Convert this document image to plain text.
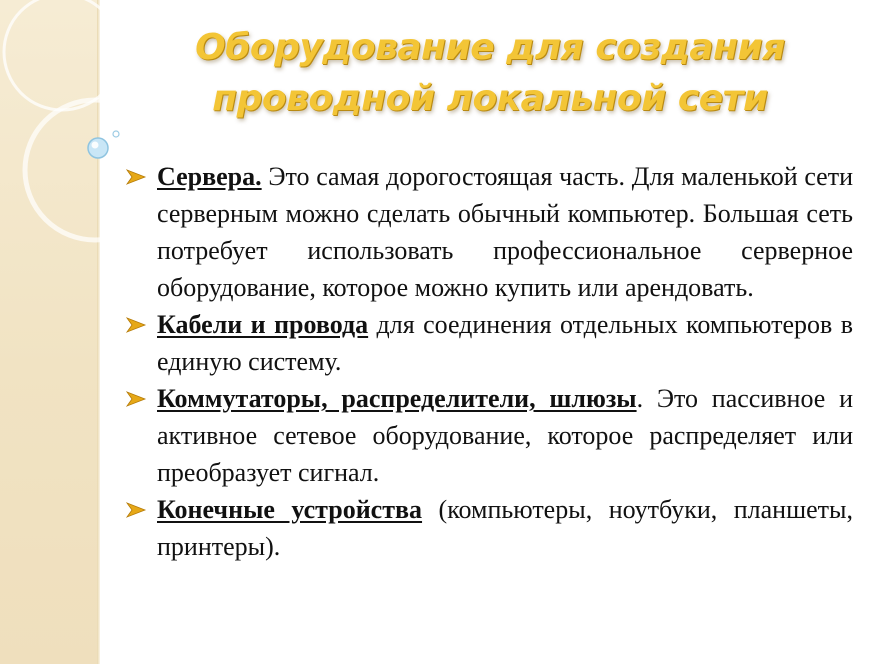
Оборудование для создания
проводной локальной сети
Сервера. Это самая дорогостоящая часть. Для маленькой сети серверным можно сделать обычный компьютер. Большая сеть потребует использовать профессиональное серверное оборудование, которое можно купить или арендовать.
Кабели и провода для соединения отдельных компьютеров в единую систему.
Коммутаторы, распределители, шлюзы. Это пассивное и активное сетевое оборудование, которое распределяет или преобразует сигнал.
Конечные устройства (компьютеры, ноутбуки, планшеты, принтеры).
